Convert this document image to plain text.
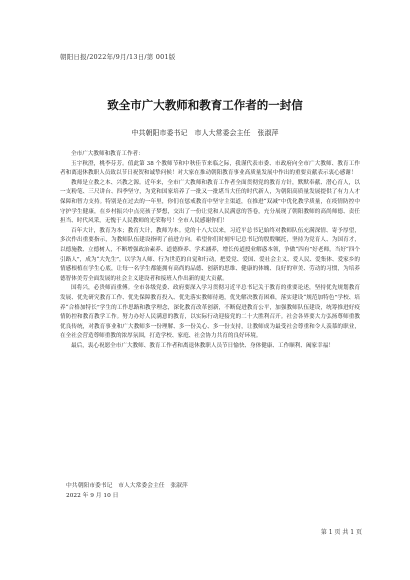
朝阳日报/2022年/9月/13日/第 001版
致全市广大教师和教育工作者的一封信
中共朝阳市委书记　市人大常委会主任　张淑萍

全市广大教师和教育工作者：

玉宇秋澄，桃李芬芳。值此第 38 个教师节和中秋佳节来临之际，我谨代表市委、市政府向全市广大教师、教育工作者和离退休教职人员致以节日祝贺和诚挚问候！对大家在推动朝阳教育事业高质量发展中作出的重要贡献表示衷心感谢！

教师是立教之本、兴教之源。近年来，全市广大教师和教育工作者全面贯彻党的教育方针，默默奉献、潜心育人，以一支粉笔、三尺讲台、四季坚守，为党和国家培养了一批又一批堪当大任的时代新人，为朝阳高质量发展提供了有力人才保障和智力支持。特别是在过去的一年里，你们在惩戒教育中坚守主渠道，在推进“双减”中优化教学质量，在疫情防控中守护学生健康，在乡村振兴中点亮孩子梦想，交出了一份让党和人民满意的答卷，充分展现了朝阳教师的高尚师德、责任担当、时代风采，无愧于人民教师的光荣称号！全市人民感谢你们！

百年大计，教育为本；教育大计，教师为本。党的十八大以来，习近平总书记始终对教师队伍充满深情、寄予厚望，多次作出重要指示，为教师队伍建设指明了前进方向。希望你们时刻牢记总书记的殷殷嘱托，坚持为党育人、为国育才，以德施教、立德树人，不断增强政治素养、道德修养、学术涵养，增长传道授业解惑本领，争做“四有”好老师，当好“四个引路人”，成为“大先生”，以学为人师、行为世范的自觉和行动，把爱党、爱国、爱社会主义、爱人民、爱集体、爱家乡的情感根植在学生心底，让每一名学生都能拥有高尚的品德、创新的思维、健康的体魄、良好的审美、劳动的习惯，为培养德智体美劳全面发展的社会主义建设者和接班人作出新的更大贡献。

国将兴，必贵师而重傅。全市各级党委、政府要深入学习贯彻习近平总书记关于教育的重要论述，坚持优先规划教育发展、优先研究教育工作、优先保障教育投入、优先落实教师待遇，优先解决教育困难，落实建设“规范加特色”学校、培养“合格加特长”学生的工作思路和教学理念，深化教育改革创新，不断促进教育公平，加强教师队伍建设，统筹推进好疫情防控和教育教学工作。努力办好人民满意的教育，以实际行动迎接党的二十大胜利召开。社会各界要大力弘扬尊师重教优良传统，对教育事业和广大教师多一份理解、多一份关心、多一份支持，让教师成为最受社会尊重和令人羡慕的职业，在全社会营造尊师重教的浓厚氛围，打造学校、家庭、社会协力共育的良好环境。

最后，衷心祝愿全市广大教师、教育工作者和离退休教职人员节日愉快、身体健康、工作顺利、阖家幸福！

中共朝阳市委书记　市人大常委会主任　张淑萍
2022 年 9 月 10 日
第 1 页 共 1 页
